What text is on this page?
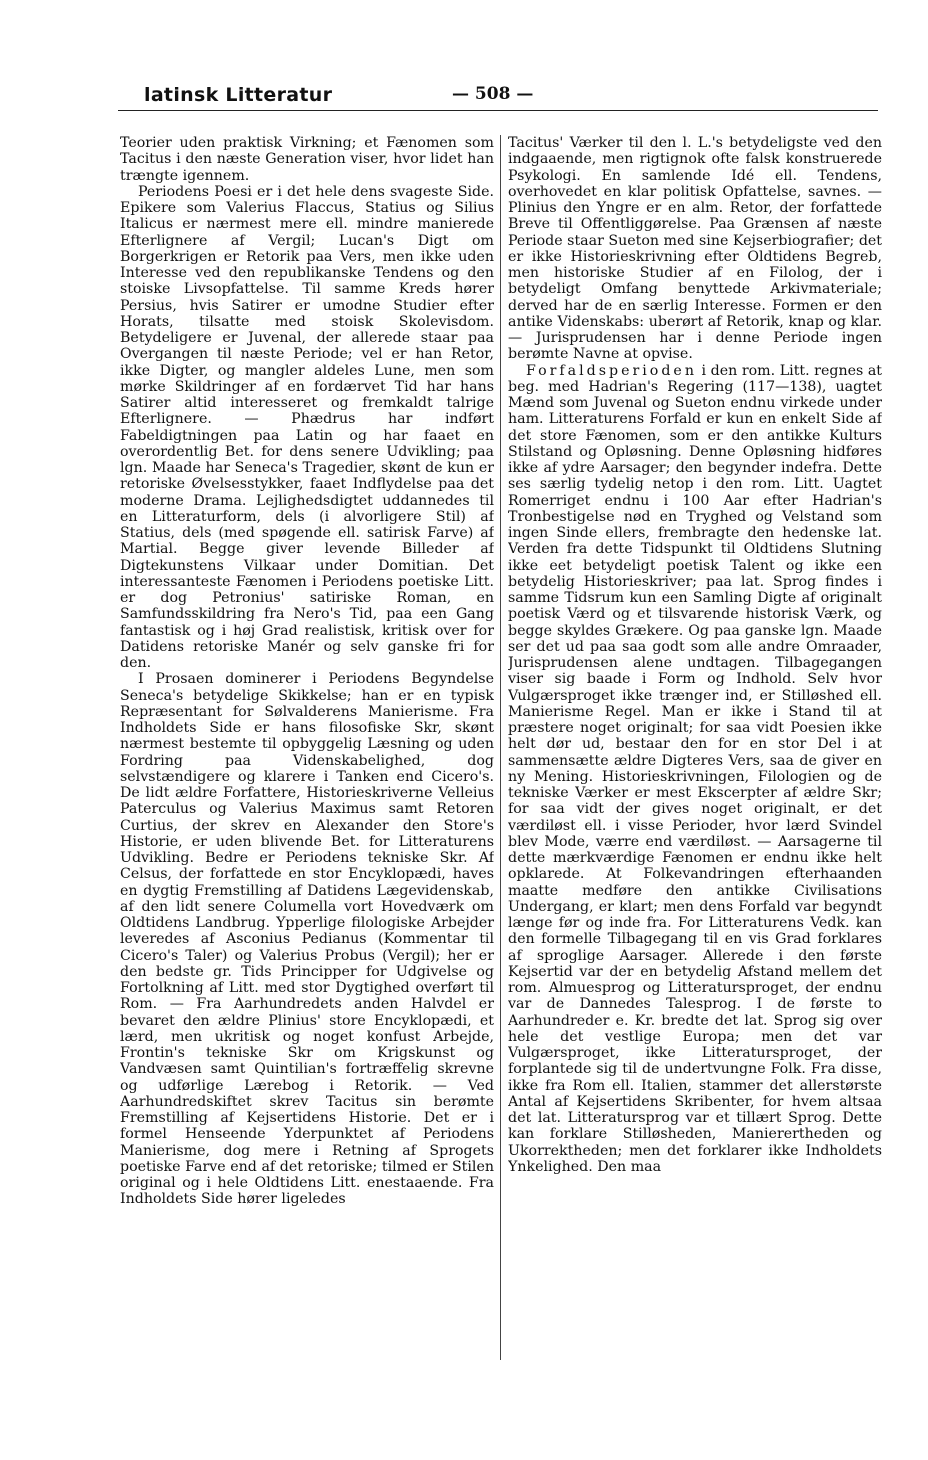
latinsk Litteratur	— 508 —

Teorier uden praktisk Virkning; et Fænomen som Tacitus i den næste Generation viser, hvor lidet han trængte igennem.

Periodens Poesi er i det hele dens svageste Side. Epikere som Valerius Flaccus, Statius og Silius Italicus er nærmest mere ell. mindre manierede Efterlignere af Vergil; Lucan's Digt om Borgerkrigen er Retorik paa Vers, men ikke uden Interesse ved den republikanske Tendens og den stoiske Livsopfattelse. Til samme Kreds hører Persius, hvis Satirer er umodne Studier efter Horats, tilsatte med stoisk Skolevisdom. Betydeligere er Juvenal, der allerede staar paa Overgangen til næste Periode; vel er han Retor, ikke Digter, og mangler aldeles Lune, men som mørke Skildringer af en fordærvet Tid har hans Satirer altid interesseret og fremkaldt talrige Efterlignere. — Phædrus har indført Fabeldigtningen paa Latin og har faaet en overordentlig Bet. for dens senere Udvikling; paa lgn. Maade har Seneca's Tragedier, skønt de kun er retoriske Øvelsesstykker, faaet Indflydelse paa det moderne Drama. Lejlighedsdigtet uddannedes til en Litteraturform, dels (i alvorligere Stil) af Statius, dels (med spøgende ell. satirisk Farve) af Martial. Begge giver levende Billeder af Digtekunstens Vilkaar under Domitian. Det interessanteste Fænomen i Periodens poetiske Litt. er dog Petronius' satiriske Roman, en Samfundsskildring fra Nero's Tid, paa een Gang fantastisk og i høj Grad realistisk, kritisk over for Datidens retoriske Manér og selv ganske fri for den.

I Prosaen dominerer i Periodens Begyndelse Seneca's betydelige Skikkelse; han er en typisk Repræsentant for Sølvalderens Manierisme. Fra Indholdets Side er hans filosofiske Skr, skønt nærmest bestemte til opbyggelig Læsning og uden Fordring paa Videnskabelighed, dog selvstændigere og klarere i Tanken end Cicero's. De lidt ældre Forfattere, Historieskriverne Velleius Paterculus og Valerius Maximus samt Retoren Curtius, der skrev en Alexander den Store's Historie, er uden blivende Bet. for Litteraturens Udvikling. Bedre er Periodens tekniske Skr. Af Celsus, der forfattede en stor Encyklopædi, haves en dygtig Fremstilling af Datidens Lægevidenskab, af den lidt senere Columella vort Hovedværk om Oldtidens Landbrug. Ypperlige filologiske Arbejder leveredes af Asconius Pedianus (Kommentar til Cicero's Taler) og Valerius Probus (Vergil); her er den bedste gr. Tids Principper for Udgivelse og Fortolkning af Litt. med stor Dygtighed overført til Rom. — Fra Aarhundredets anden Halvdel er bevaret den ældre Plinius' store Encyklopædi, et lærd, men ukritisk og noget konfust Arbejde, Frontin's tekniske Skr om Krigskunst og Vandvæsen samt Quintilian's fortræffelig skrevne og udførlige Lærebog i Retorik. — Ved Aarhundredskiftet skrev Tacitus sin berømte Fremstilling af Kejsertidens Historie. Det er i formel Henseende Yderpunktet af Periodens Manierisme, dog mere i Retning af Sprogets poetiske Farve end af det retoriske; tilmed er Stilen original og i hele Oldtidens Litt. enestaaende. Fra Indholdets Side hører ligeledes

Tacitus' Værker til den l. L.'s betydeligste ved den indgaaende, men rigtignok ofte falsk konstruerede Psykologi. En samlende Idé ell. Tendens, overhovedet en klar politisk Opfattelse, savnes. — Plinius den Yngre er en alm. Retor, der forfattede Breve til Offentliggørelse. Paa Grænsen af næste Periode staar Sueton med sine Kejserbiografier; det er ikke Historieskrivning efter Oldtidens Begreb, men historiske Studier af en Filolog, der i betydeligt Omfang benyttede Arkivmateriale; derved har de en særlig Interesse. Formen er den antike Videnskabs: uberørt af Retorik, knap og klar. — Jurisprudensen har i denne Periode ingen berømte Navne at opvise.

Forfaldsperioden i den rom. Litt. regnes at beg. med Hadrian's Regering (117—138), uagtet Mænd som Juvenal og Sueton endnu virkede under ham. Litteraturens Forfald er kun en enkelt Side af det store Fænomen, som er den antikke Kulturs Stilstand og Opløsning. Denne Opløsning hidføres ikke af ydre Aarsager; den begynder indefra. Dette ses særlig tydelig netop i den rom. Litt. Uagtet Romerriget endnu i 100 Aar efter Hadrian's Tronbestigelse nød en Tryghed og Velstand som ingen Sinde ellers, frembragte den hedenske lat. Verden fra dette Tidspunkt til Oldtidens Slutning ikke eet betydeligt poetisk Talent og ikke een betydelig Historieskriver; paa lat. Sprog findes i samme Tidsrum kun een Samling Digte af originalt poetisk Værd og et tilsvarende historisk Værk, og begge skyldes Grækere. Og paa ganske lgn. Maade ser det ud paa saa godt som alle andre Omraader, Jurisprudensen alene undtagen. Tilbagegangen viser sig baade i Form og Indhold. Selv hvor Vulgærsproget ikke trænger ind, er Stilløshed ell. Manierisme Regel. Man er ikke i Stand til at præstere noget originalt; for saa vidt Poesien ikke helt dør ud, bestaar den for en stor Del i at sammensætte ældre Digteres Vers, saa de giver en ny Mening. Historieskrivningen, Filologien og de tekniske Værker er mest Ekscerpter af ældre Skr; for saa vidt der gives noget originalt, er det værdiløst ell. i visse Perioder, hvor lærd Svindel blev Mode, værre end værdiløst. — Aarsagerne til dette mærkværdige Fænomen er endnu ikke helt opklarede. At Folkevandringen efterhaanden maatte medføre den antikke Civilisations Undergang, er klart; men dens Forfald var begyndt længe før og inde fra. For Litteraturens Vedk. kan den formelle Tilbagegang til en vis Grad forklares af sproglige Aarsager. Allerede i den første Kejsertid var der en betydelig Afstand mellem det rom. Almuesprog og Litteratursproget, der endnu var de Dannedes Talesprog. I de første to Aarhundreder e. Kr. bredte det lat. Sprog sig over hele det vestlige Europa; men det var Vulgærsproget, ikke Litteratursproget, der forplantede sig til de undertvungne Folk. Fra disse, ikke fra Rom ell. Italien, stammer det allerstørste Antal af Kejsertidens Skribenter, for hvem altsaa det lat. Litteratursprog var et tillært Sprog. Dette kan forklare Stilløsheden, Manierertheden og Ukorrektheden; men det forklarer ikke Indholdets Ynkelighed. Den maa
